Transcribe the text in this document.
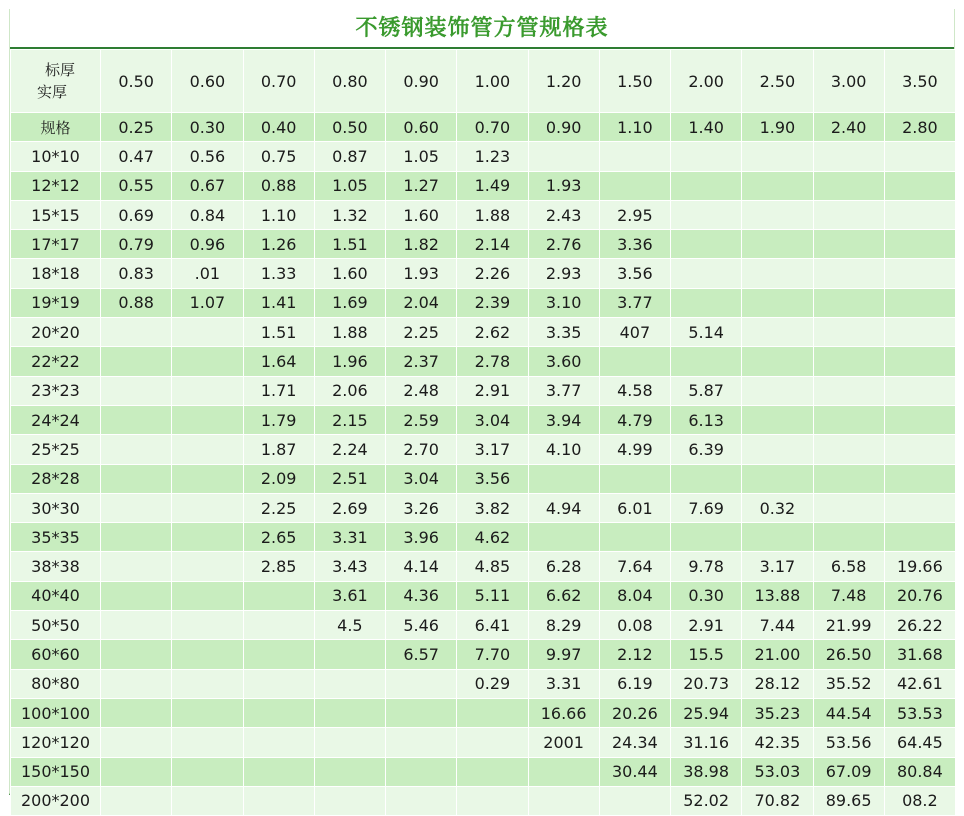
不锈钢装饰管方管规格表
标厚
实厚	0.50	0.60	0.70	0.80	0.90	1.00	1.20	1.50	2.00	2.50	3.00	3.50
规格	0.25	0.30	0.40	0.50	0.60	0.70	0.90	1.10	1.40	1.90	2.40	2.80
10*10	0.47	0.56	0.75	0.87	1.05	1.23						
12*12	0.55	0.67	0.88	1.05	1.27	1.49	1.93					
15*15	0.69	0.84	1.10	1.32	1.60	1.88	2.43	2.95				
17*17	0.79	0.96	1.26	1.51	1.82	2.14	2.76	3.36				
18*18	0.83	.01	1.33	1.60	1.93	2.26	2.93	3.56				
19*19	0.88	1.07	1.41	1.69	2.04	2.39	3.10	3.77				
20*20			1.51	1.88	2.25	2.62	3.35	407	5.14			
22*22			1.64	1.96	2.37	2.78	3.60					
23*23			1.71	2.06	2.48	2.91	3.77	4.58	5.87			
24*24			1.79	2.15	2.59	3.04	3.94	4.79	6.13			
25*25			1.87	2.24	2.70	3.17	4.10	4.99	6.39			
28*28			2.09	2.51	3.04	3.56						
30*30			2.25	2.69	3.26	3.82	4.94	6.01	7.69	0.32		
35*35			2.65	3.31	3.96	4.62						
38*38			2.85	3.43	4.14	4.85	6.28	7.64	9.78	3.17	6.58	19.66
40*40				3.61	4.36	5.11	6.62	8.04	0.30	13.88	7.48	20.76
50*50				4.5	5.46	6.41	8.29	0.08	2.91	7.44	21.99	26.22
60*60					6.57	7.70	9.97	2.12	15.5	21.00	26.50	31.68
80*80						0.29	3.31	6.19	20.73	28.12	35.52	42.61
100*100							16.66	20.26	25.94	35.23	44.54	53.53
120*120							2001	24.34	31.16	42.35	53.56	64.45
150*150								30.44	38.98	53.03	67.09	80.84
200*200									52.02	70.82	89.65	08.2
